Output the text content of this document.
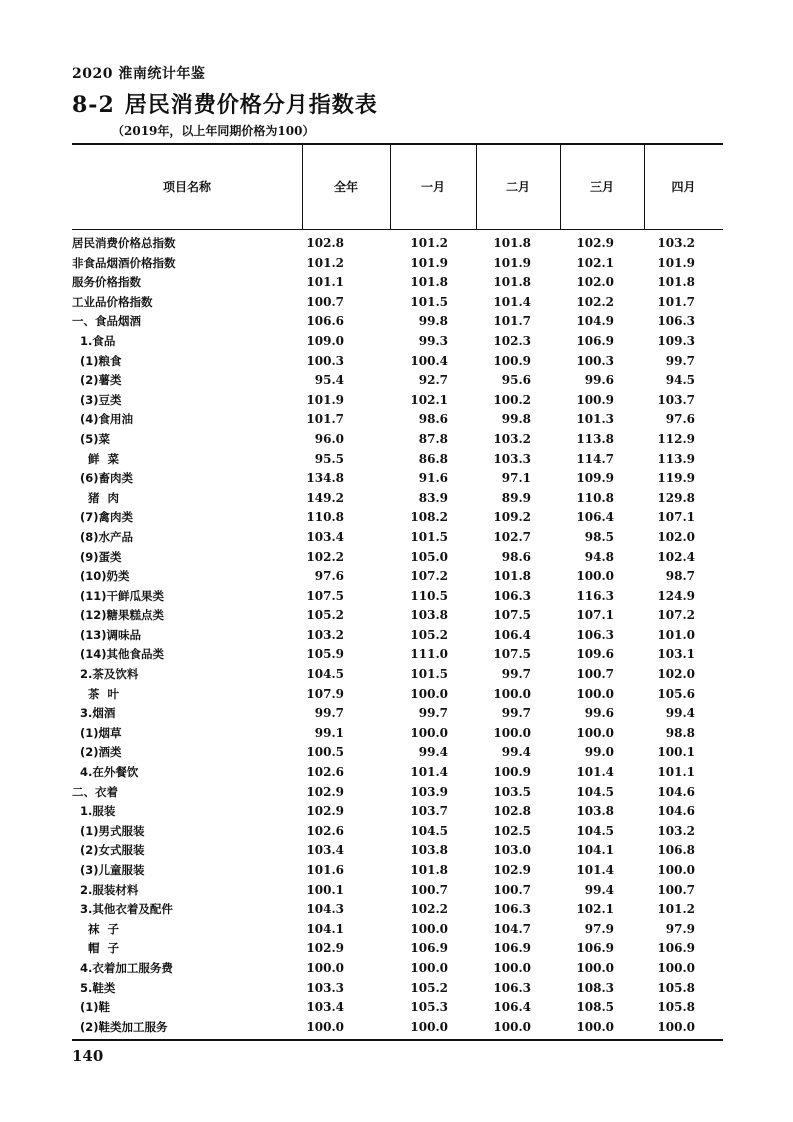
2020 淮南统计年鉴
8-2 居民消费价格分月指数表
（2019年，以上年同期价格为100）
项目名称	全年	一月	二月	三月	四月
居民消费价格总指数	102.8	101.2	101.8	102.9	103.2
非食品烟酒价格指数	101.2	101.9	101.9	102.1	101.9
服务价格指数	101.1	101.8	101.8	102.0	101.8
工业品价格指数	100.7	101.5	101.4	102.2	101.7
一、食品烟酒	106.6	99.8	101.7	104.9	106.3
1.食品	109.0	99.3	102.3	106.9	109.3
(1)粮食	100.3	100.4	100.9	100.3	99.7
(2)薯类	95.4	92.7	95.6	99.6	94.5
(3)豆类	101.9	102.1	100.2	100.9	103.7
(4)食用油	101.7	98.6	99.8	101.3	97.6
(5)菜	96.0	87.8	103.2	113.8	112.9
鲜  菜	95.5	86.8	103.3	114.7	113.9
(6)畜肉类	134.8	91.6	97.1	109.9	119.9
猪  肉	149.2	83.9	89.9	110.8	129.8
(7)禽肉类	110.8	108.2	109.2	106.4	107.1
(8)水产品	103.4	101.5	102.7	98.5	102.0
(9)蛋类	102.2	105.0	98.6	94.8	102.4
(10)奶类	97.6	107.2	101.8	100.0	98.7
(11)干鲜瓜果类	107.5	110.5	106.3	116.3	124.9
(12)糖果糕点类	105.2	103.8	107.5	107.1	107.2
(13)调味品	103.2	105.2	106.4	106.3	101.0
(14)其他食品类	105.9	111.0	107.5	109.6	103.1
2.茶及饮料	104.5	101.5	99.7	100.7	102.0
茶  叶	107.9	100.0	100.0	100.0	105.6
3.烟酒	99.7	99.7	99.7	99.6	99.4
(1)烟草	99.1	100.0	100.0	100.0	98.8
(2)酒类	100.5	99.4	99.4	99.0	100.1
4.在外餐饮	102.6	101.4	100.9	101.4	101.1
二、衣着	102.9	103.9	103.5	104.5	104.6
1.服装	102.9	103.7	102.8	103.8	104.6
(1)男式服装	102.6	104.5	102.5	104.5	103.2
(2)女式服装	103.4	103.8	103.0	104.1	106.8
(3)儿童服装	101.6	101.8	102.9	101.4	100.0
2.服装材料	100.1	100.7	100.7	99.4	100.7
3.其他衣着及配件	104.3	102.2	106.3	102.1	101.2
袜  子	104.1	100.0	104.7	97.9	97.9
帽  子	102.9	106.9	106.9	106.9	106.9
4.衣着加工服务费	100.0	100.0	100.0	100.0	100.0
5.鞋类	103.3	105.2	106.3	108.3	105.8
(1)鞋	103.4	105.3	106.4	108.5	105.8
(2)鞋类加工服务	100.0	100.0	100.0	100.0	100.0
140
